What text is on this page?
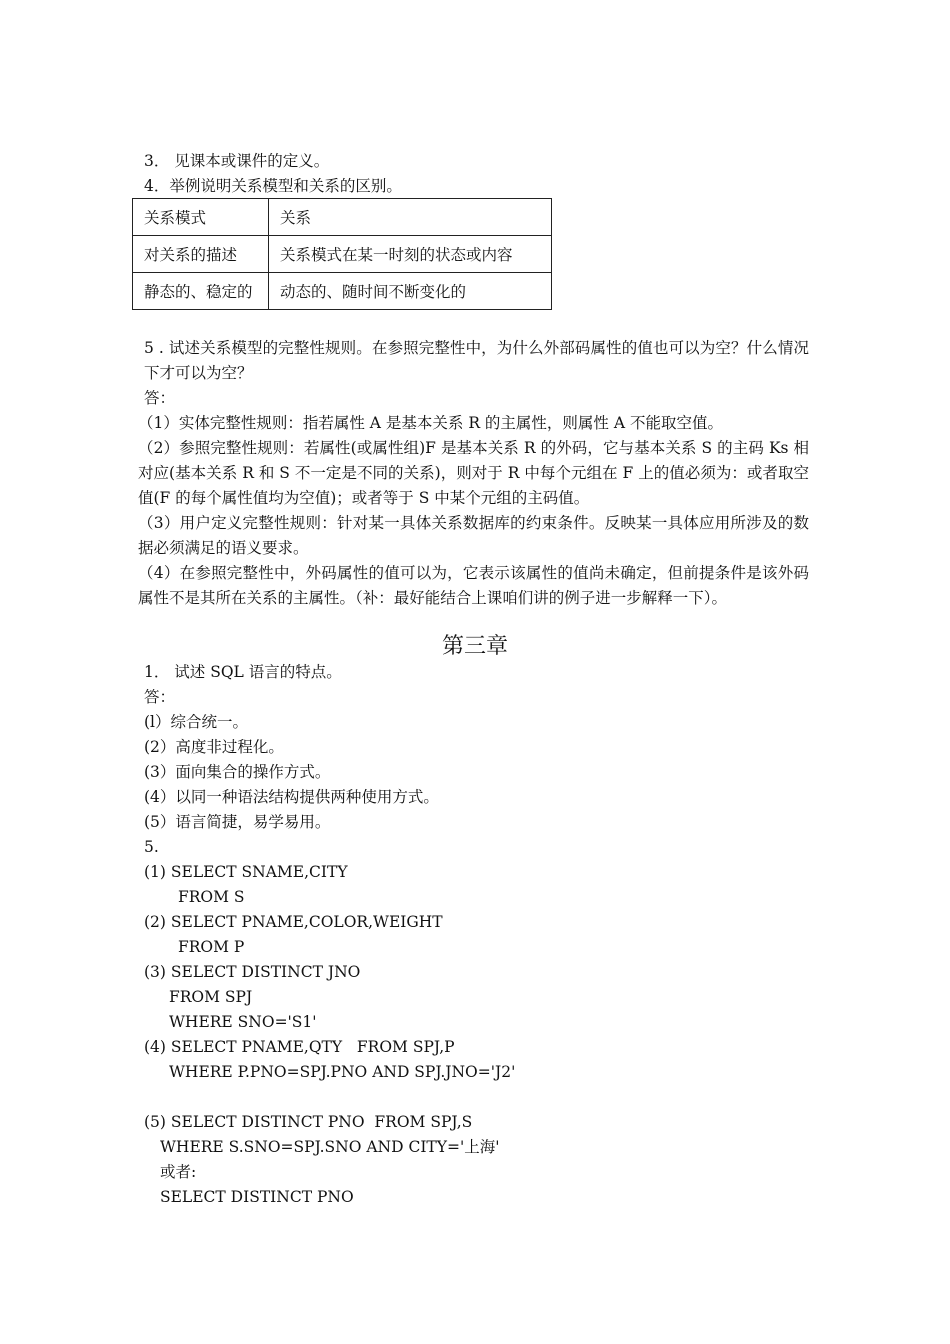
3． 见课本或课件的定义。
4．举例说明关系模型和关系的区别。
关系模式	关系
对关系的描述	关系模式在某一时刻的状态或内容
静态的、稳定的	动态的、随时间不断变化的
5 . 试述关系模型的完整性规则。在参照完整性中，为什么外部码属性的值也可以为空？什么情况下才可以为空？
答：
（1）实体完整性规则：指若属性 A 是基本关系 R 的主属性，则属性 A 不能取空值。
（2）参照完整性规则：若属性(或属性组)F 是基本关系 R 的外码，它与基本关系 S 的主码 Ks 相对应(基本关系 R 和 S 不一定是不同的关系)，则对于 R 中每个元组在 F 上的值必须为：或者取空值(F 的每个属性值均为空值)；或者等于 S 中某个元组的主码值。
（3）用户定义完整性规则：针对某一具体关系数据库的约束条件。反映某一具体应用所涉及的数据必须满足的语义要求。
（4）在参照完整性中，外码属性的值可以为，它表示该属性的值尚未确定，但前提条件是该外码属性不是其所在关系的主属性。（补：最好能结合上课咱们讲的例子进一步解释一下）。
第三章
1． 试述 SQL 语言的特点。
答：
(l）综合统一。
(2）高度非过程化。
(3）面向集合的操作方式。
(4）以同一种语法结构提供两种使用方式。
(5）语言简捷，易学易用。
5.
(1) SELECT SNAME,CITY
FROM S
(2) SELECT PNAME,COLOR,WEIGHT
FROM P
(3) SELECT DISTINCT JNO
FROM SPJ
WHERE SNO='S1'
(4) SELECT PNAME,QTY   FROM SPJ,P
WHERE P.PNO=SPJ.PNO AND SPJ.JNO='J2'
(5) SELECT DISTINCT PNO  FROM SPJ,S
WHERE S.SNO=SPJ.SNO AND CITY='上海'
或者:
SELECT DISTINCT PNO
